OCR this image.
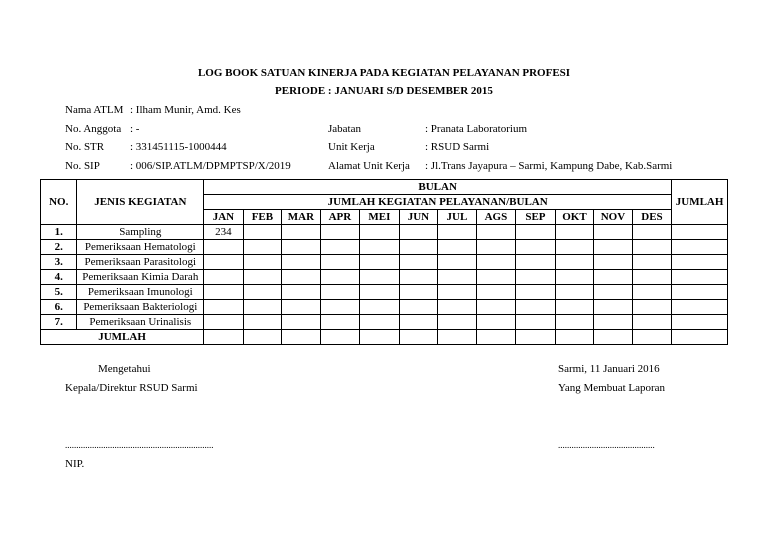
LOG BOOK SATUAN KINERJA PADA KEGIATAN PELAYANAN PROFESI
PERIODE : JANUARI S/D DESEMBER 2015
Nama ATLM : Ilham Munir, Amd. Kes
No. Anggota : -	Jabatan	: Pranata Laboratorium
No. STR : 331451115-1000444	Unit Kerja	: RSUD Sarmi
No. SIP	: 006/SIP.ATLM/DPMPTSP/X/2019	Alamat Unit Kerja : Jl.Trans Jayapura – Sarmi, Kampung Dabe, Kab.Sarmi
NO.	JENIS KEGIATAN	BULAN												JUMLAH
		JUMLAH KEGIATAN PELAYANAN/BULAN												
		JAN	FEB	MAR	APR	MEI	JUN	JUL	AGS	SEP	OKT	NOV	DES	
1.	Sampling	234												
2.	Pemeriksaan Hematologi													
3.	Pemeriksaan Parasitologi													
4.	Pemeriksaan Kimia Darah													
5.	Pemeriksaan Imunologi													
6.	Pemeriksaan Bakteriologi													
7.	Pemeriksaan Urinalisis													
JUMLAH														
Mengetahui
Kepala/Direktur RSUD Sarmi
Sarmi, 11 Januari 2016
Yang Membuat Laporan
..................................................................	...........................................
NIP.
